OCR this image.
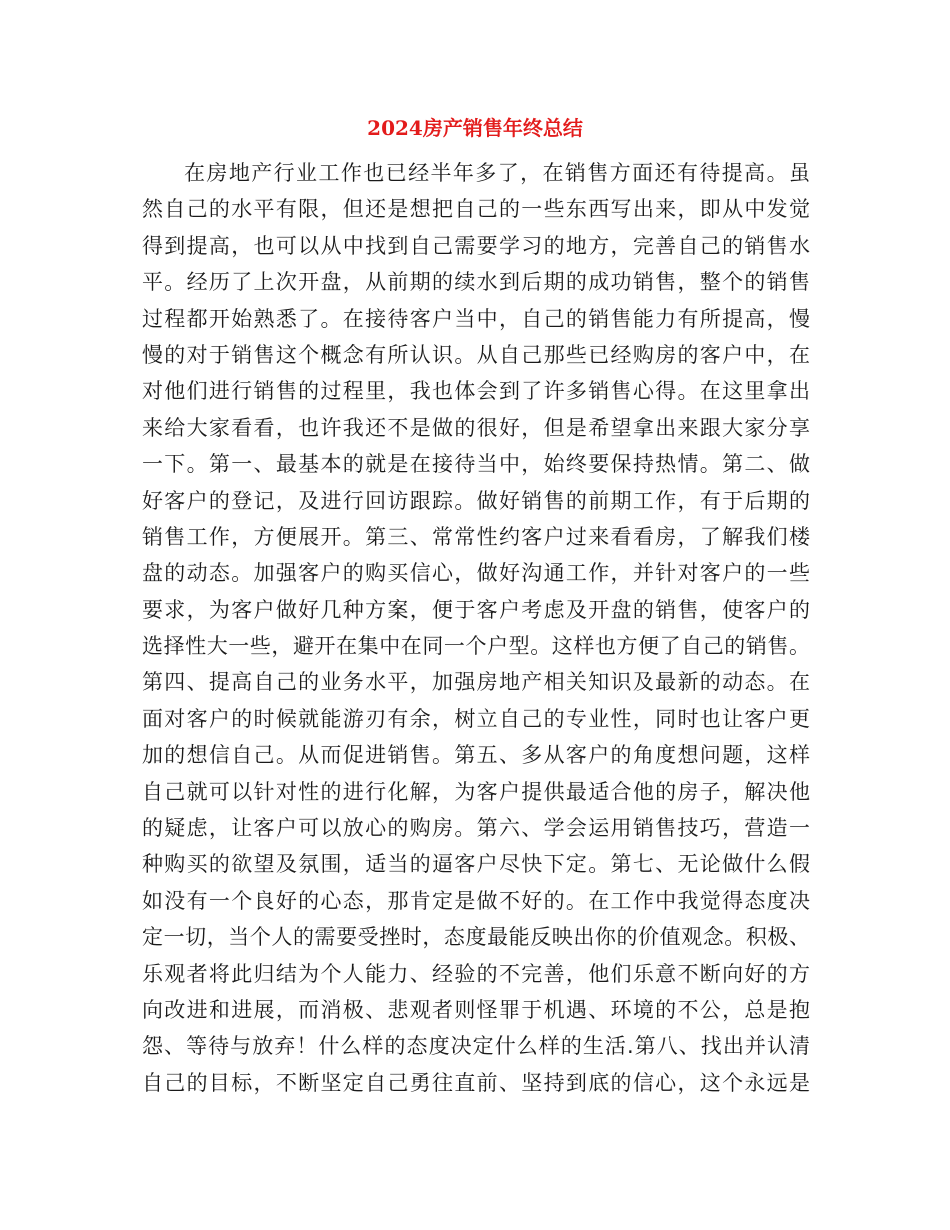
2024房产销售年终总结
在房地产行业工作也已经半年多了，在销售方面还有待提高。虽
然自己的水平有限，但还是想把自己的一些东西写出来，即从中发觉
得到提高，也可以从中找到自己需要学习的地方，完善自己的销售水
平。经历了上次开盘，从前期的续水到后期的成功销售，整个的销售
过程都开始熟悉了。在接待客户当中，自己的销售能力有所提高，慢
慢的对于销售这个概念有所认识。从自己那些已经购房的客户中，在
对他们进行销售的过程里，我也体会到了许多销售心得。在这里拿出
来给大家看看，也许我还不是做的很好，但是希望拿出来跟大家分享
一下。第一、最基本的就是在接待当中，始终要保持热情。第二、做
好客户的登记，及进行回访跟踪。做好销售的前期工作，有于后期的
销售工作，方便展开。第三、常常性约客户过来看看房，了解我们楼
盘的动态。加强客户的购买信心，做好沟通工作，并针对客户的一些
要求，为客户做好几种方案，便于客户考虑及开盘的销售，使客户的
选择性大一些，避开在集中在同一个户型。这样也方便了自己的销售。
第四、提高自己的业务水平，加强房地产相关知识及最新的动态。在
面对客户的时候就能游刃有余，树立自己的专业性，同时也让客户更
加的想信自己。从而促进销售。第五、多从客户的角度想问题，这样
自己就可以针对性的进行化解，为客户提供最适合他的房子，解决他
的疑虑，让客户可以放心的购房。第六、学会运用销售技巧，营造一
种购买的欲望及氛围，适当的逼客户尽快下定。第七、无论做什么假
如没有一个良好的心态，那肯定是做不好的。在工作中我觉得态度决
定一切，当个人的需要受挫时，态度最能反映出你的价值观念。积极、
乐观者将此归结为个人能力、经验的不完善，他们乐意不断向好的方
向改进和进展，而消极、悲观者则怪罪于机遇、环境的不公，总是抱
怨、等待与放弃！什么样的态度决定什么样的生活.第八、找出并认清
自己的目标，不断坚定自己勇往直前、坚持到底的信心，这个永远是
